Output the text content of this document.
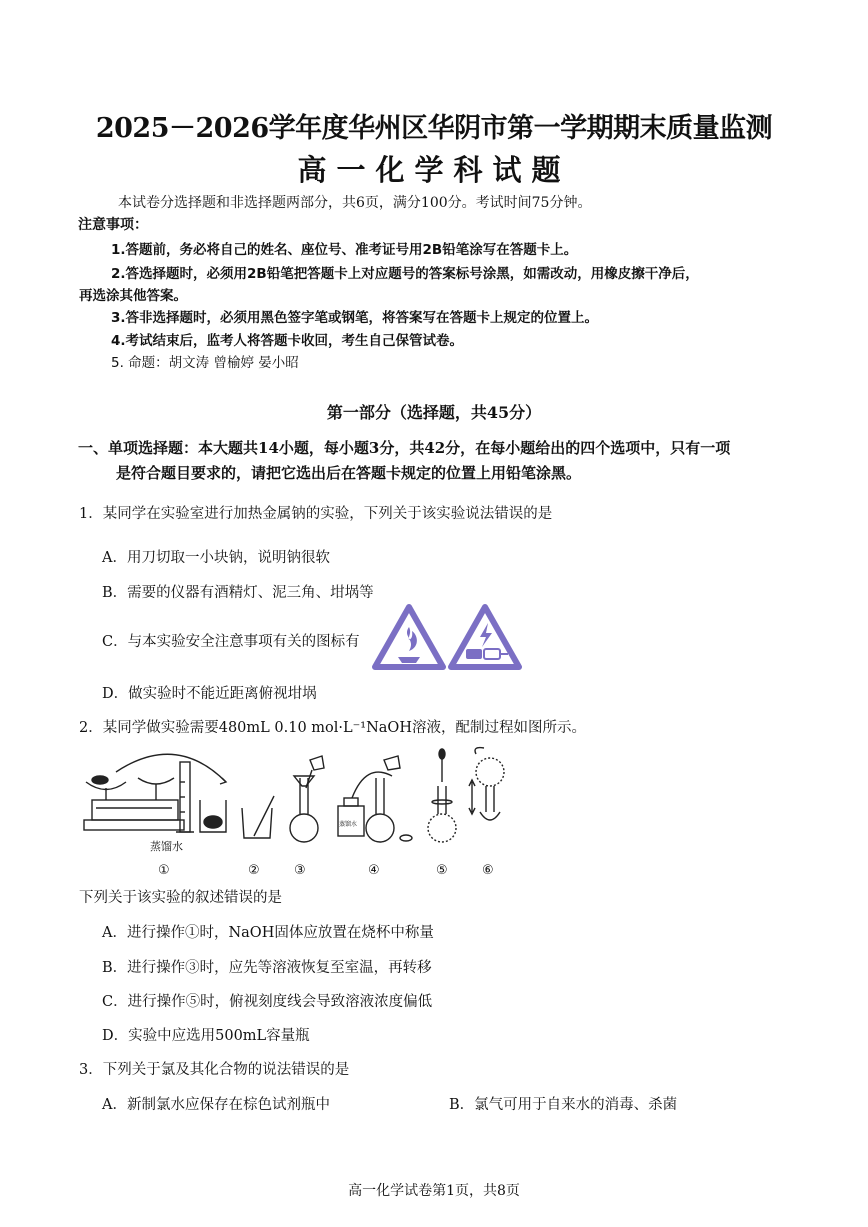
2025－2026学年度华州区华阴市第一学期期末质量监测
高一化学科试题
本试卷分选择题和非选择题两部分，共6页，满分100分。考试时间75分钟。
注意事项：
1.答题前，务必将自己的姓名、座位号、准考证号用2B铅笔涂写在答题卡上。
2.答选择题时，必须用2B铅笔把答题卡上对应题号的答案标号涂黑，如需改动，用橡皮擦干净后，
再选涂其他答案。
3.答非选择题时，必须用黑色签字笔或钢笔，将答案写在答题卡上规定的位置上。
4.考试结束后，监考人将答题卡收回，考生自己保管试卷。
5. 命题：胡文涛 曾榆婷 晏小昭
第一部分（选择题，共45分）
一、单项选择题：本大题共14小题，每小题3分，共42分，在每小题给出的四个选项中，只有一项
是符合题目要求的，请把它选出后在答题卡规定的位置上用铅笔涂黑。
1．某同学在实验室进行加热金属钠的实验，下列关于该实验说法错误的是
A．用刀切取一小块钠，说明钠很软
B．需要的仪器有酒精灯、泥三角、坩埚等
C．与本实验安全注意事项有关的图标有
D．做实验时不能近距离俯视坩埚
2．某同学做实验需要480mL 0.10 mol·L⁻¹NaOH溶液，配制过程如图所示。
蒸馏水
蒸馏水
①	②	③	④	⑤	⑥
下列关于该实验的叙述错误的是
A．进行操作①时，NaOH固体应放置在烧杯中称量
B．进行操作③时，应先等溶液恢复至室温，再转移
C．进行操作⑤时，俯视刻度线会导致溶液浓度偏低
D．实验中应选用500mL容量瓶
3．下列关于氯及其化合物的说法错误的是
A．新制氯水应保存在棕色试剂瓶中	B．氯气可用于自来水的消毒、杀菌
高一化学试卷第1页，共8页
